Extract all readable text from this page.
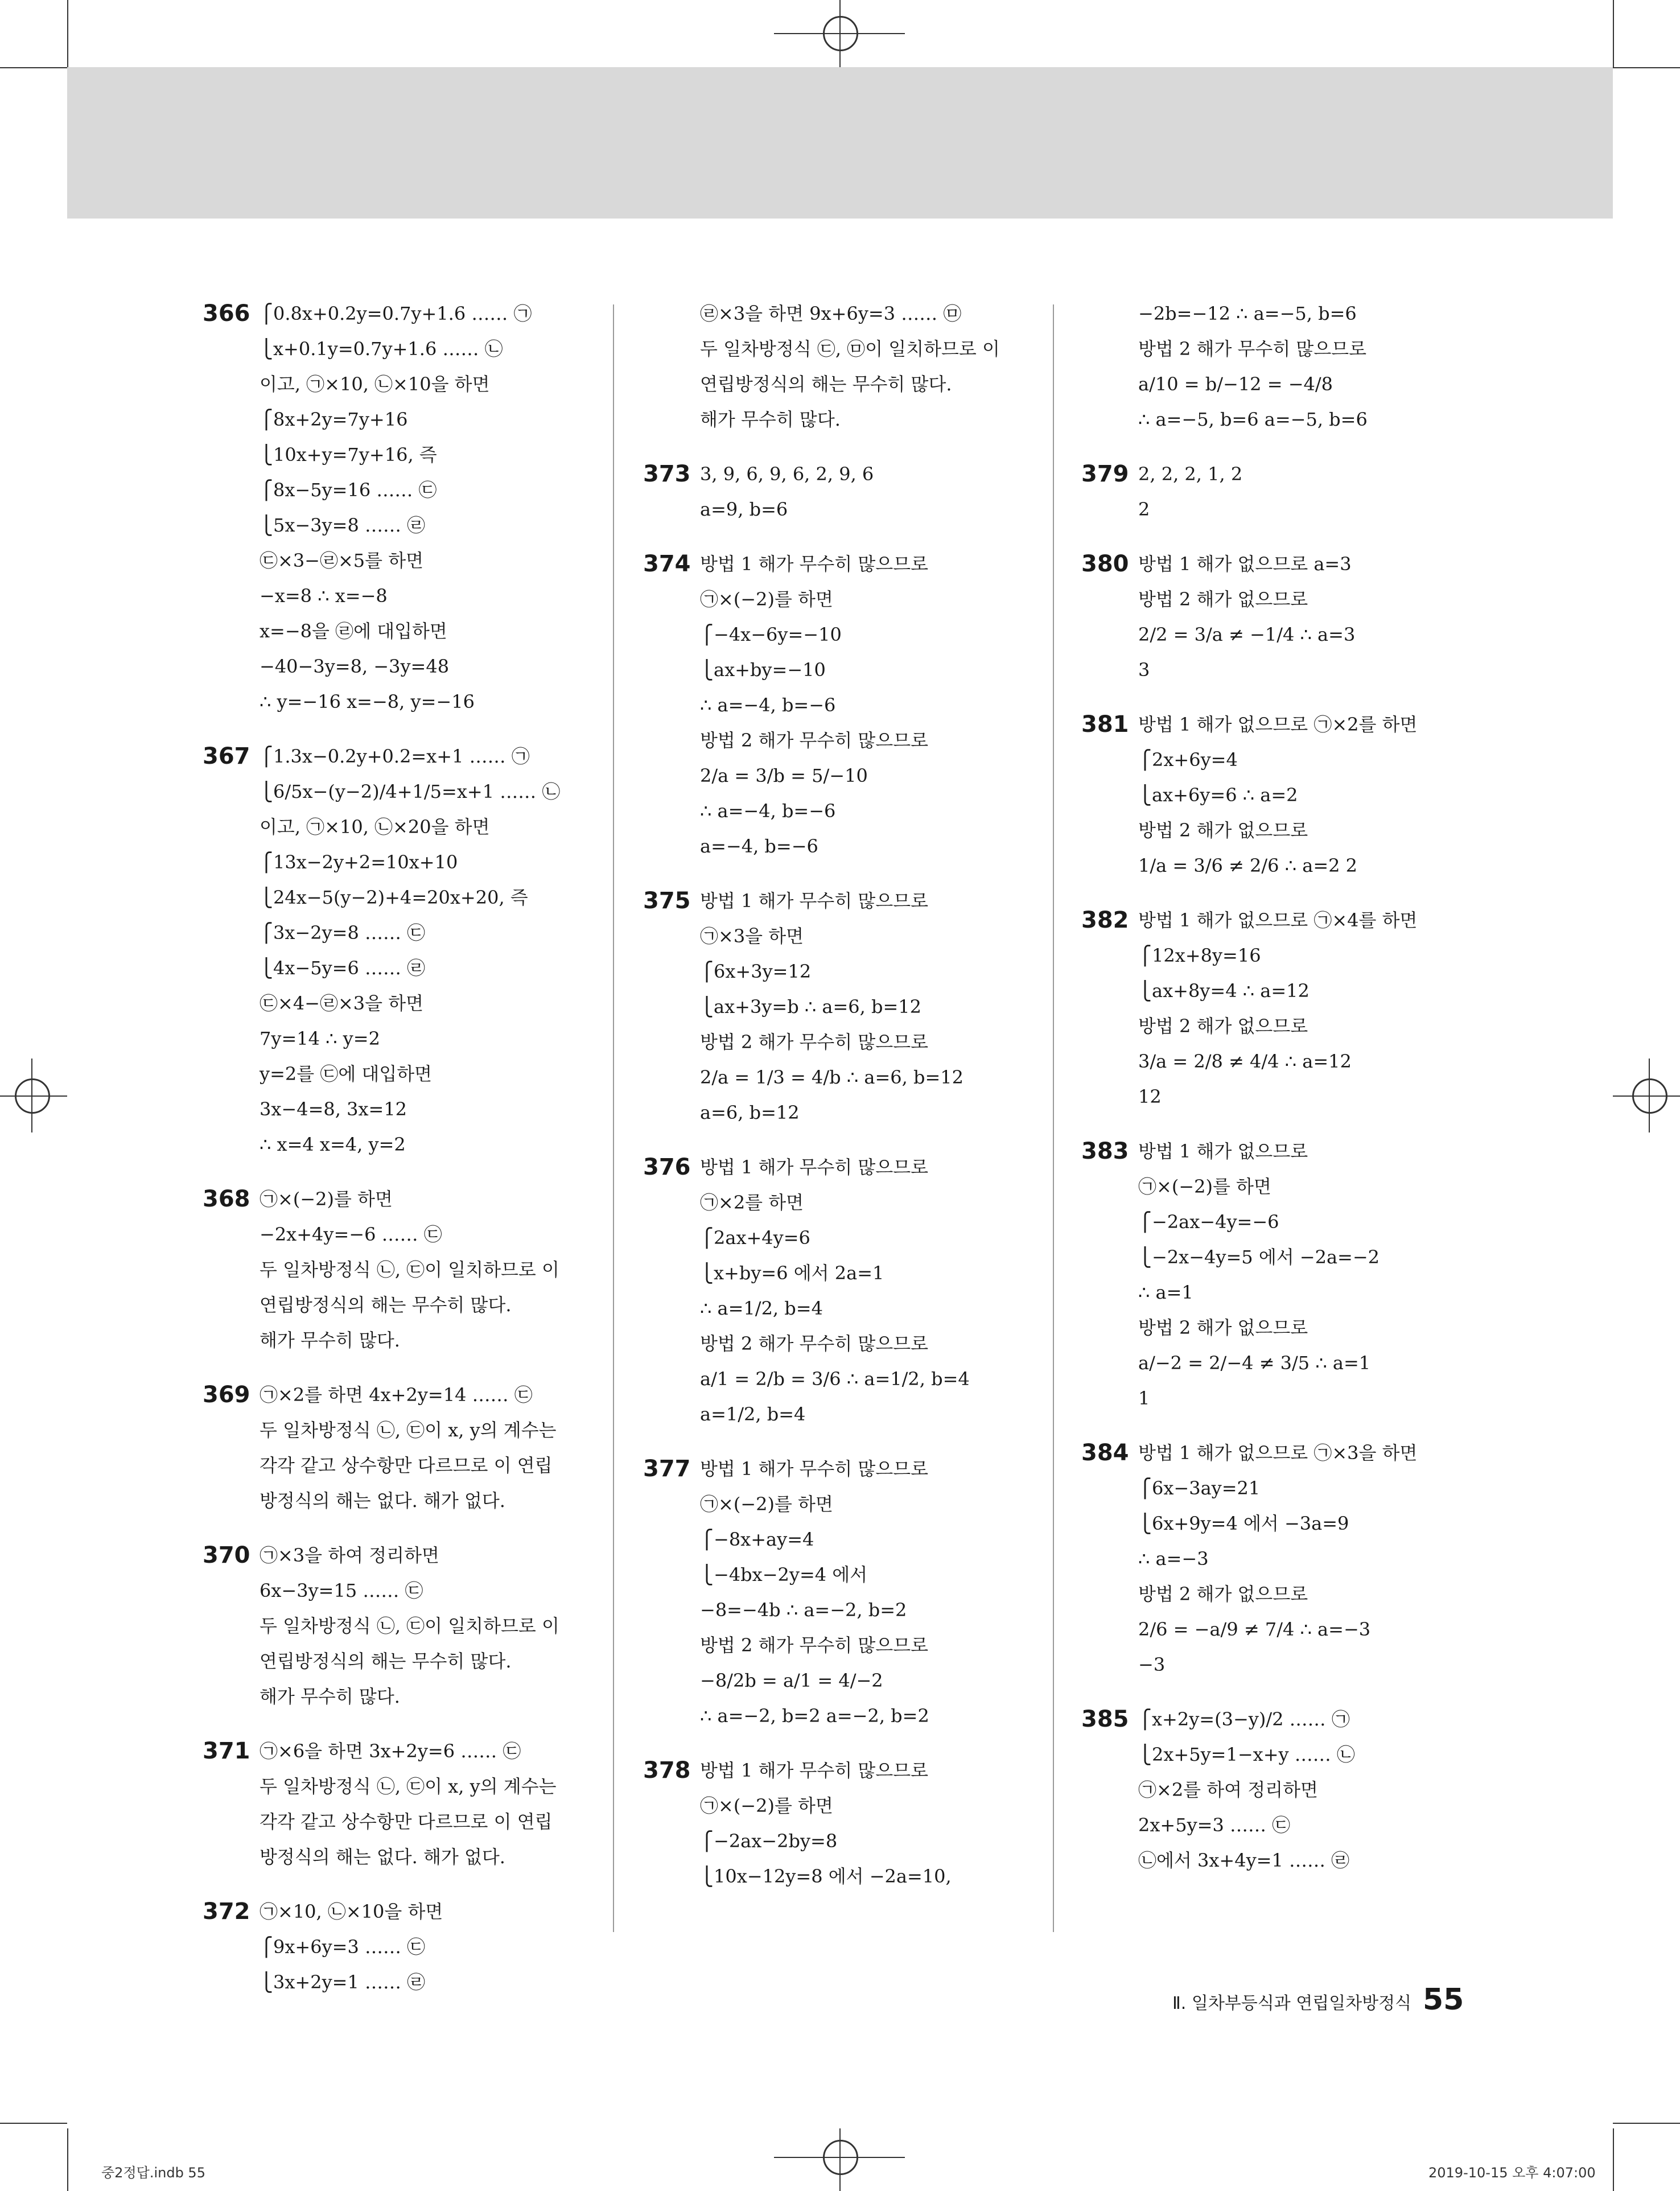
366 ⎧0.8x+0.2y=0.7y+1.6 …… ㉠
⎩x+0.1y=0.7y+1.6 …… ㉡
이고, ㉠×10, ㉡×10을 하면
⎧8x+2y=7y+16
⎩10x+y=7y+16, 즉
⎧8x−5y=16 …… ㉢
⎩5x−3y=8 …… ㉣
㉢×3−㉣×5를 하면
−x=8 ∴ x=−8
x=−8을 ㉣에 대입하면
−40−3y=8, −3y=48
∴ y=−16 x=−8, y=−16
367 ⎧1.3x−0.2y+0.2=x+1 …… ㉠
⎩6/5x−(y−2)/4+1/5=x+1 …… ㉡
이고, ㉠×10, ㉡×20을 하면
⎧13x−2y+2=10x+10
⎩24x−5(y−2)+4=20x+20, 즉
⎧3x−2y=8 …… ㉢
⎩4x−5y=6 …… ㉣
㉢×4−㉣×3을 하면
7y=14 ∴ y=2
y=2를 ㉢에 대입하면
3x−4=8, 3x=12
∴ x=4 x=4, y=2
368 ㉠×(−2)를 하면
−2x+4y=−6 …… ㉢
두 일차방정식 ㉡, ㉢이 일치하므로 이
연립방정식의 해는 무수히 많다.
해가 무수히 많다.
369 ㉠×2를 하면 4x+2y=14 …… ㉢
두 일차방정식 ㉡, ㉢이 x, y의 계수는
각각 같고 상수항만 다르므로 이 연립
방정식의 해는 없다. 해가 없다.
370 ㉠×3을 하여 정리하면
6x−3y=15 …… ㉢
두 일차방정식 ㉡, ㉢이 일치하므로 이
연립방정식의 해는 무수히 많다.
해가 무수히 많다.
371 ㉠×6을 하면 3x+2y=6 …… ㉢
두 일차방정식 ㉡, ㉢이 x, y의 계수는
각각 같고 상수항만 다르므로 이 연립
방정식의 해는 없다. 해가 없다.
372 ㉠×10, ㉡×10을 하면
⎧9x+6y=3 …… ㉢
⎩3x+2y=1 …… ㉣
㉣×3을 하면 9x+6y=3 …… ㉤
두 일차방정식 ㉢, ㉤이 일치하므로 이
연립방정식의 해는 무수히 많다.
해가 무수히 많다.
373 3, 9, 6, 9, 6, 2, 9, 6
a=9, b=6
374 방법 1 해가 무수히 많으므로
㉠×(−2)를 하면
⎧−4x−6y=−10
⎩ax+by=−10
∴ a=−4, b=−6
방법 2 해가 무수히 많으므로
2/a = 3/b = 5/−10
∴ a=−4, b=−6
a=−4, b=−6
375 방법 1 해가 무수히 많으므로
㉠×3을 하면
⎧6x+3y=12
⎩ax+3y=b ∴ a=6, b=12
방법 2 해가 무수히 많으므로
2/a = 1/3 = 4/b ∴ a=6, b=12
a=6, b=12
376 방법 1 해가 무수히 많으므로
㉠×2를 하면
⎧2ax+4y=6
⎩x+by=6 에서 2a=1
∴ a=1/2, b=4
방법 2 해가 무수히 많으므로
a/1 = 2/b = 3/6 ∴ a=1/2, b=4
a=1/2, b=4
377 방법 1 해가 무수히 많으므로
㉠×(−2)를 하면
⎧−8x+ay=4
⎩−4bx−2y=4 에서
−8=−4b ∴ a=−2, b=2
방법 2 해가 무수히 많으므로
−8/2b = a/1 = 4/−2
∴ a=−2, b=2 a=−2, b=2
378 방법 1 해가 무수히 많으므로
㉠×(−2)를 하면
⎧−2ax−2by=8
⎩10x−12y=8 에서 −2a=10,
−2b=−12 ∴ a=−5, b=6
방법 2 해가 무수히 많으므로
a/10 = b/−12 = −4/8
∴ a=−5, b=6 a=−5, b=6
379 2, 2, 2, 1, 2
2
380 방법 1 해가 없으므로 a=3
방법 2 해가 없으므로
2/2 = 3/a ≠ −1/4 ∴ a=3
3
381 방법 1 해가 없으므로 ㉠×2를 하면
⎧2x+6y=4
⎩ax+6y=6 ∴ a=2
방법 2 해가 없으므로
1/a = 3/6 ≠ 2/6 ∴ a=2 2
382 방법 1 해가 없으므로 ㉠×4를 하면
⎧12x+8y=16
⎩ax+8y=4 ∴ a=12
방법 2 해가 없으므로
3/a = 2/8 ≠ 4/4 ∴ a=12
12
383 방법 1 해가 없으므로
㉠×(−2)를 하면
⎧−2ax−4y=−6
⎩−2x−4y=5 에서 −2a=−2
∴ a=1
방법 2 해가 없으므로
a/−2 = 2/−4 ≠ 3/5 ∴ a=1
1
384 방법 1 해가 없으므로 ㉠×3을 하면
⎧6x−3ay=21
⎩6x+9y=4 에서 −3a=9
∴ a=−3
방법 2 해가 없으므로
2/6 = −a/9 ≠ 7/4 ∴ a=−3
−3
385 ⎧x+2y=(3−y)/2 …… ㉠
⎩2x+5y=1−x+y …… ㉡
㉠×2를 하여 정리하면
2x+5y=3 …… ㉢
㉡에서 3x+4y=1 …… ㉣
Ⅱ. 일차부등식과 연립일차방정식 55
중2정답.indb 55	2019-10-15 오후 4:07:00
